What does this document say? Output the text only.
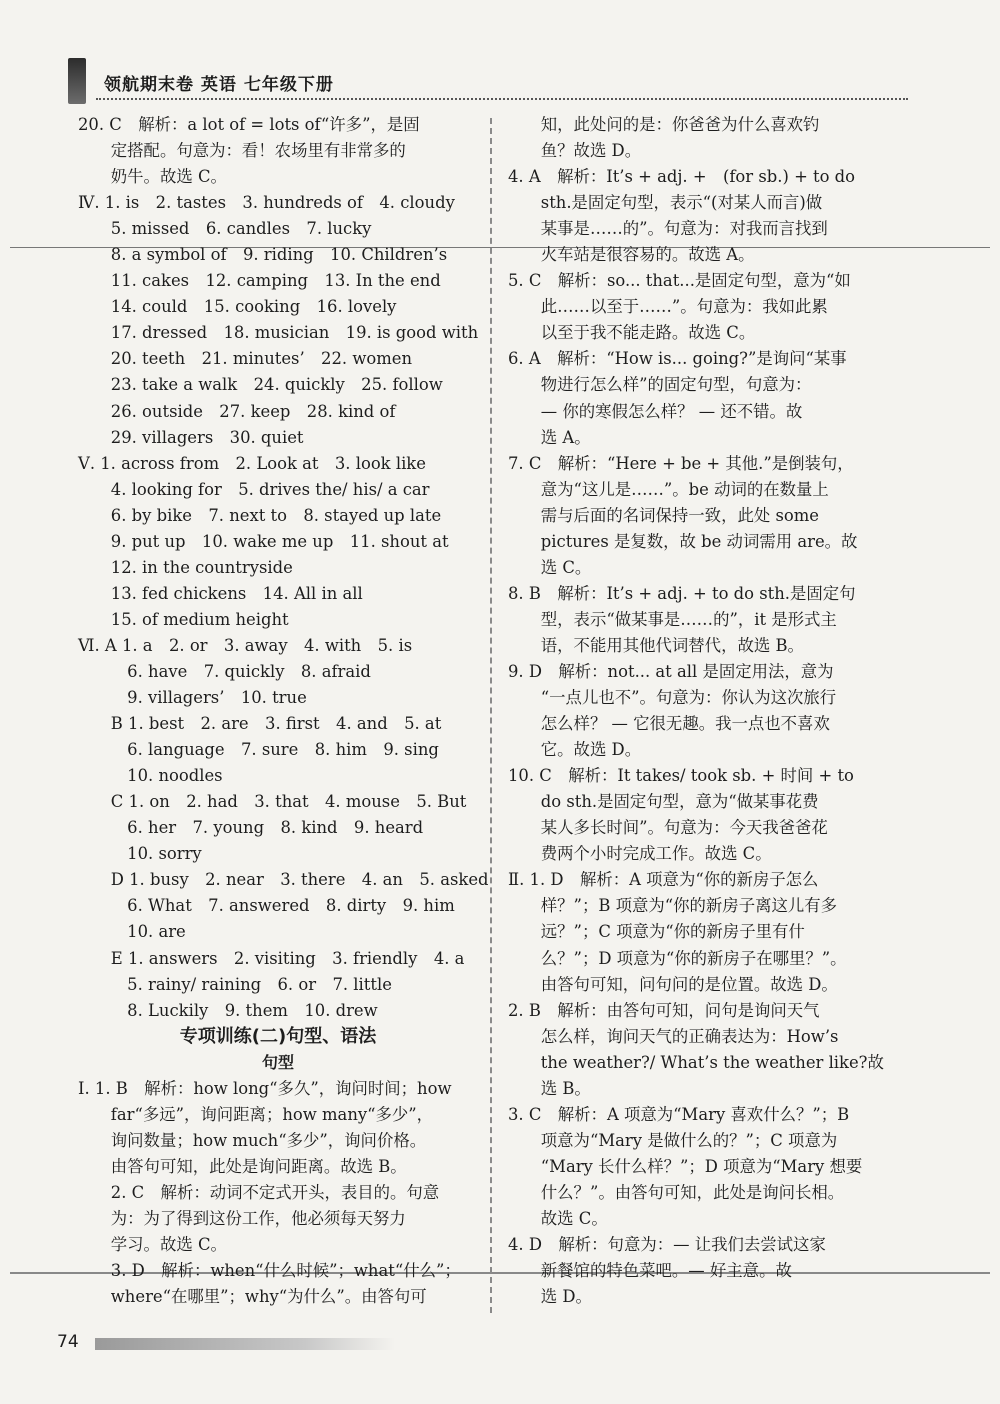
领航期末卷 英语 七年级下册
20. C　解析：a lot of = lots of“许多”，是固
　　定搭配。句意为：看！农场里有非常多的
　　奶牛。故选 C。
Ⅳ. 1. is　2. tastes　3. hundreds of　4. cloudy
　　5. missed　6. candles　7. lucky
　　8. a symbol of　9. riding　10. Children’s
　　11. cakes　12. camping　13. In the end
　　14. could　15. cooking　16. lovely
　　17. dressed　18. musician　19. is good with
　　20. teeth　21. minutes’　22. women
　　23. take a walk　24. quickly　25. follow
　　26. outside　27. keep　28. kind of
　　29. villagers　30. quiet
Ⅴ. 1. across from　2. Look at　3. look like
　　4. looking for　5. drives the/ his/ a car
　　6. by bike　7. next to　8. stayed up late
　　9. put up　10. wake me up　11. shout at
　　12. in the countryside
　　13. fed chickens　14. All in all
　　15. of medium height
Ⅵ. A 1. a　2. or　3. away　4. with　5. is
　　　6. have　7. quickly　8. afraid
　　　9. villagers’　10. true
　　B 1. best　2. are　3. first　4. and　5. at
　　　6. language　7. sure　8. him　9. sing
　　　10. noodles
　　C 1. on　2. had　3. that　4. mouse　5. But
　　　6. her　7. young　8. kind　9. heard
　　　10. sorry
　　D 1. busy　2. near　3. there　4. an　5. asked
　　　6. What　7. answered　8. dirty　9. him
　　　10. are
　　E 1. answers　2. visiting　3. friendly　4. a
　　　5. rainy/ raining　6. or　7. little
　　　8. Luckily　9. them　10. drew
专项训练(二)句型、语法
句型
Ⅰ. 1. B　解析：how long“多久”，询问时间；how
　　far“多远”，询问距离；how many“多少”，
　　询问数量；how much“多少”，询问价格。
　　由答句可知，此处是询问距离。故选 B。
　　2. C　解析：动词不定式开头，表目的。句意
　　为：为了得到这份工作，他必须每天努力
　　学习。故选 C。
　　3. D　解析：when“什么时候”；what“什么”；
　　where“在哪里”；why“为什么”。由答句可
　　知，此处问的是：你爸爸为什么喜欢钓
　　鱼？故选 D。
4. A　解析：It’s + adj. +　(for sb.) + to do
　　sth.是固定句型，表示“(对某人而言)做
　　某事是……的”。句意为：对我而言找到
　　火车站是很容易的。故选 A。
5. C　解析：so... that...是固定句型，意为“如
　　此……以至于……”。句意为：我如此累
　　以至于我不能走路。故选 C。
6. A　解析：“How is... going?”是询问“某事
　　物进行怎么样”的固定句型，句意为：
　　— 你的寒假怎么样？ — 还不错。故
　　选 A。
7. C　解析：“Here + be + 其他.”是倒装句，
　　意为“这儿是……”。be 动词的在数量上
　　需与后面的名词保持一致，此处 some
　　pictures 是复数，故 be 动词需用 are。故
　　选 C。
8. B　解析：It’s + adj. + to do sth.是固定句
　　型，表示“做某事是……的”，it 是形式主
　　语，不能用其他代词替代，故选 B。
9. D　解析：not... at all 是固定用法，意为
　　“一点儿也不”。句意为：你认为这次旅行
　　怎么样？ — 它很无趣。我一点也不喜欢
　　它。故选 D。
10. C　解析：It takes/ took sb. + 时间 + to
　　do sth.是固定句型，意为“做某事花费
　　某人多长时间”。句意为：今天我爸爸花
　　费两个小时完成工作。故选 C。
Ⅱ. 1. D　解析：A 项意为“你的新房子怎么
　　样？”；B 项意为“你的新房子离这儿有多
　　远？”；C 项意为“你的新房子里有什
　　么？”；D 项意为“你的新房子在哪里？”。
　　由答句可知，问句问的是位置。故选 D。
2. B　解析：由答句可知，问句是询问天气
　　怎么样，询问天气的正确表达为：How’s
　　the weather?/ What’s the weather like?故
　　选 B。
3. C　解析：A 项意为“Mary 喜欢什么？”；B
　　项意为“Mary 是做什么的？”；C 项意为
　　“Mary 长什么样？”；D 项意为“Mary 想要
　　什么？”。由答句可知，此处是询问长相。
　　故选 C。
4. D　解析：句意为：— 让我们去尝试这家
　　新餐馆的特色菜吧。— 好主意。故
　　选 D。
74
